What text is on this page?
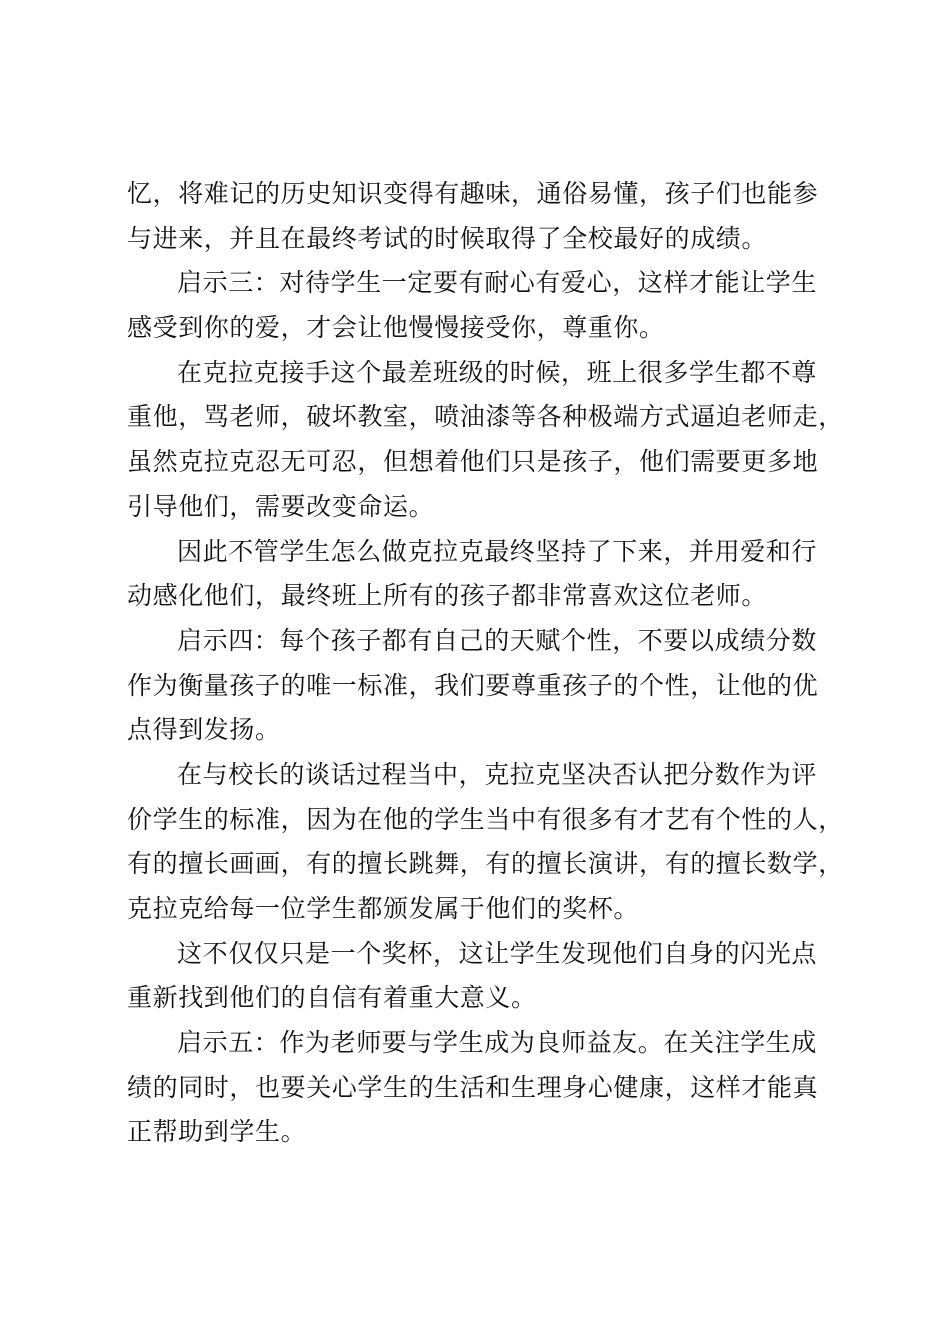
忆，将难记的历史知识变得有趣味，通俗易懂，孩子们也能参
与进来，并且在最终考试的时候取得了全校最好的成绩。
启示三：对待学生一定要有耐心有爱心，这样才能让学生
感受到你的爱，才会让他慢慢接受你，尊重你。
在克拉克接手这个最差班级的时候，班上很多学生都不尊
重他，骂老师，破坏教室，喷油漆等各种极端方式逼迫老师走，
虽然克拉克忍无可忍，但想着他们只是孩子，他们需要更多地
引导他们，需要改变命运。
因此不管学生怎么做克拉克最终坚持了下来，并用爱和行
动感化他们，最终班上所有的孩子都非常喜欢这位老师。
启示四：每个孩子都有自己的天赋个性，不要以成绩分数
作为衡量孩子的唯一标准，我们要尊重孩子的个性，让他的优
点得到发扬。
在与校长的谈话过程当中，克拉克坚决否认把分数作为评
价学生的标准，因为在他的学生当中有很多有才艺有个性的人，
有的擅长画画，有的擅长跳舞，有的擅长演讲，有的擅长数学，
克拉克给每一位学生都颁发属于他们的奖杯。
这不仅仅只是一个奖杯，这让学生发现他们自身的闪光点
重新找到他们的自信有着重大意义。
启示五：作为老师要与学生成为良师益友。在关注学生成
绩的同时，也要关心学生的生活和生理身心健康，这样才能真
正帮助到学生。
